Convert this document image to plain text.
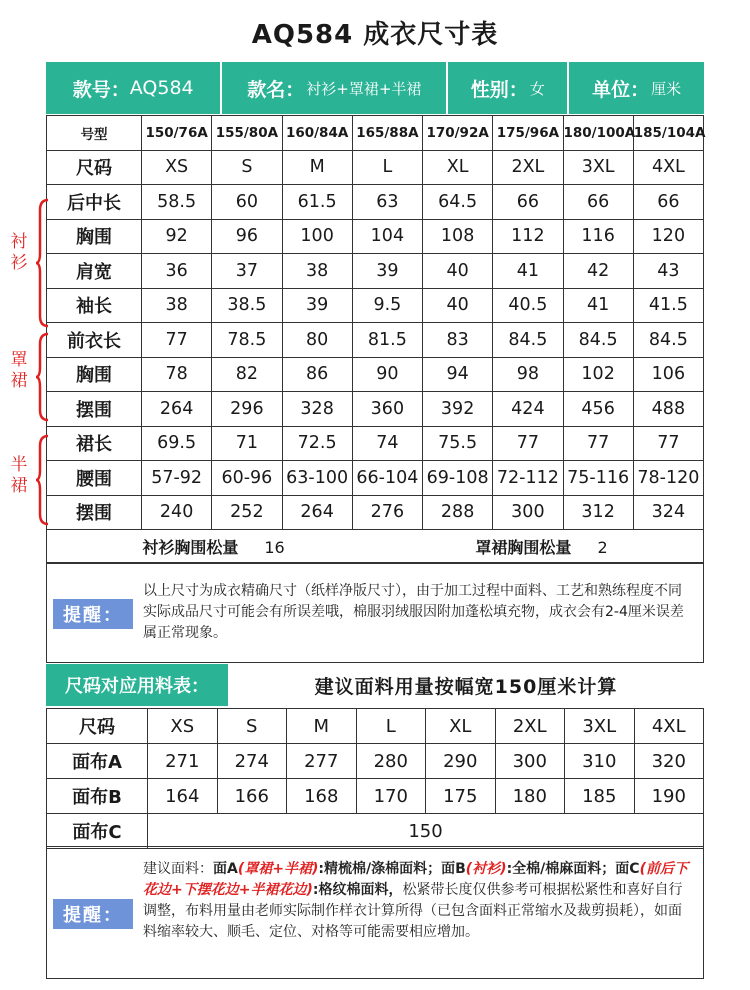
AQ584 成衣尺寸表
款号： AQ584	款名： 衬衫+罩裙+半裙	性别： 女 单位： 厘米
号型	150/76A	155/80A	160/84A	165/88A	170/92A	175/96A	180/100A	185/104A
尺码	XS	S	M	L	XL	2XL	3XL	4XL
后中长	58.5	60	61.5	63	64.5	66	66	66
胸围	92	96	100	104	108	112	116	120
肩宽	36	37	38	39	40	41	42	43
袖长	38	38.5	39	9.5	40	40.5	41	41.5
前衣长	77	78.5	80	81.5	83	84.5	84.5	84.5
胸围	78	82	86	90	94	98	102	106
摆围	264	296	328	360	392	424	456	488
裙长	69.5	71	72.5	74	75.5	77	77	77
腰围	57-92	60-96	63-100	66-104	69-108	72-112	75-116	78-120
摆围	240	252	264	276	288	300	312	324

衬衫胸围松量 16 罩裙胸围松量 2								
衬衫
罩裙
半裙
提醒：
以上尺寸为成衣精确尺寸（纸样净版尺寸），由于加工过程中面料、工艺和熟练程度不同实际成品尺寸可能会有所误差哦，棉服羽绒服因附加蓬松填充物，成衣会有2-4厘米误差属正常现象。
尺码对应用料表：	建议面料用量按幅宽150厘米计算
尺码	XS	S	M	L	XL	2XL	3XL	4XL
面布A	271	274	277	280	290	300	310	320
面布B	164	166	168	170	175	180	185	190
面布C	150							
提醒：
建议面料：面A(罩裙+半裙):精梳棉/涤棉面料；面B(衬衫):全棉/棉麻面料；面C(前后下花边+下摆花边+半裙花边):格纹棉面料，松紧带长度仅供参考可根据松紧性和喜好自行调整，布料用量由老师实际制作样衣计算所得（已包含面料正常缩水及裁剪损耗），如面料缩率较大、顺毛、定位、对格等可能需要相应增加。
